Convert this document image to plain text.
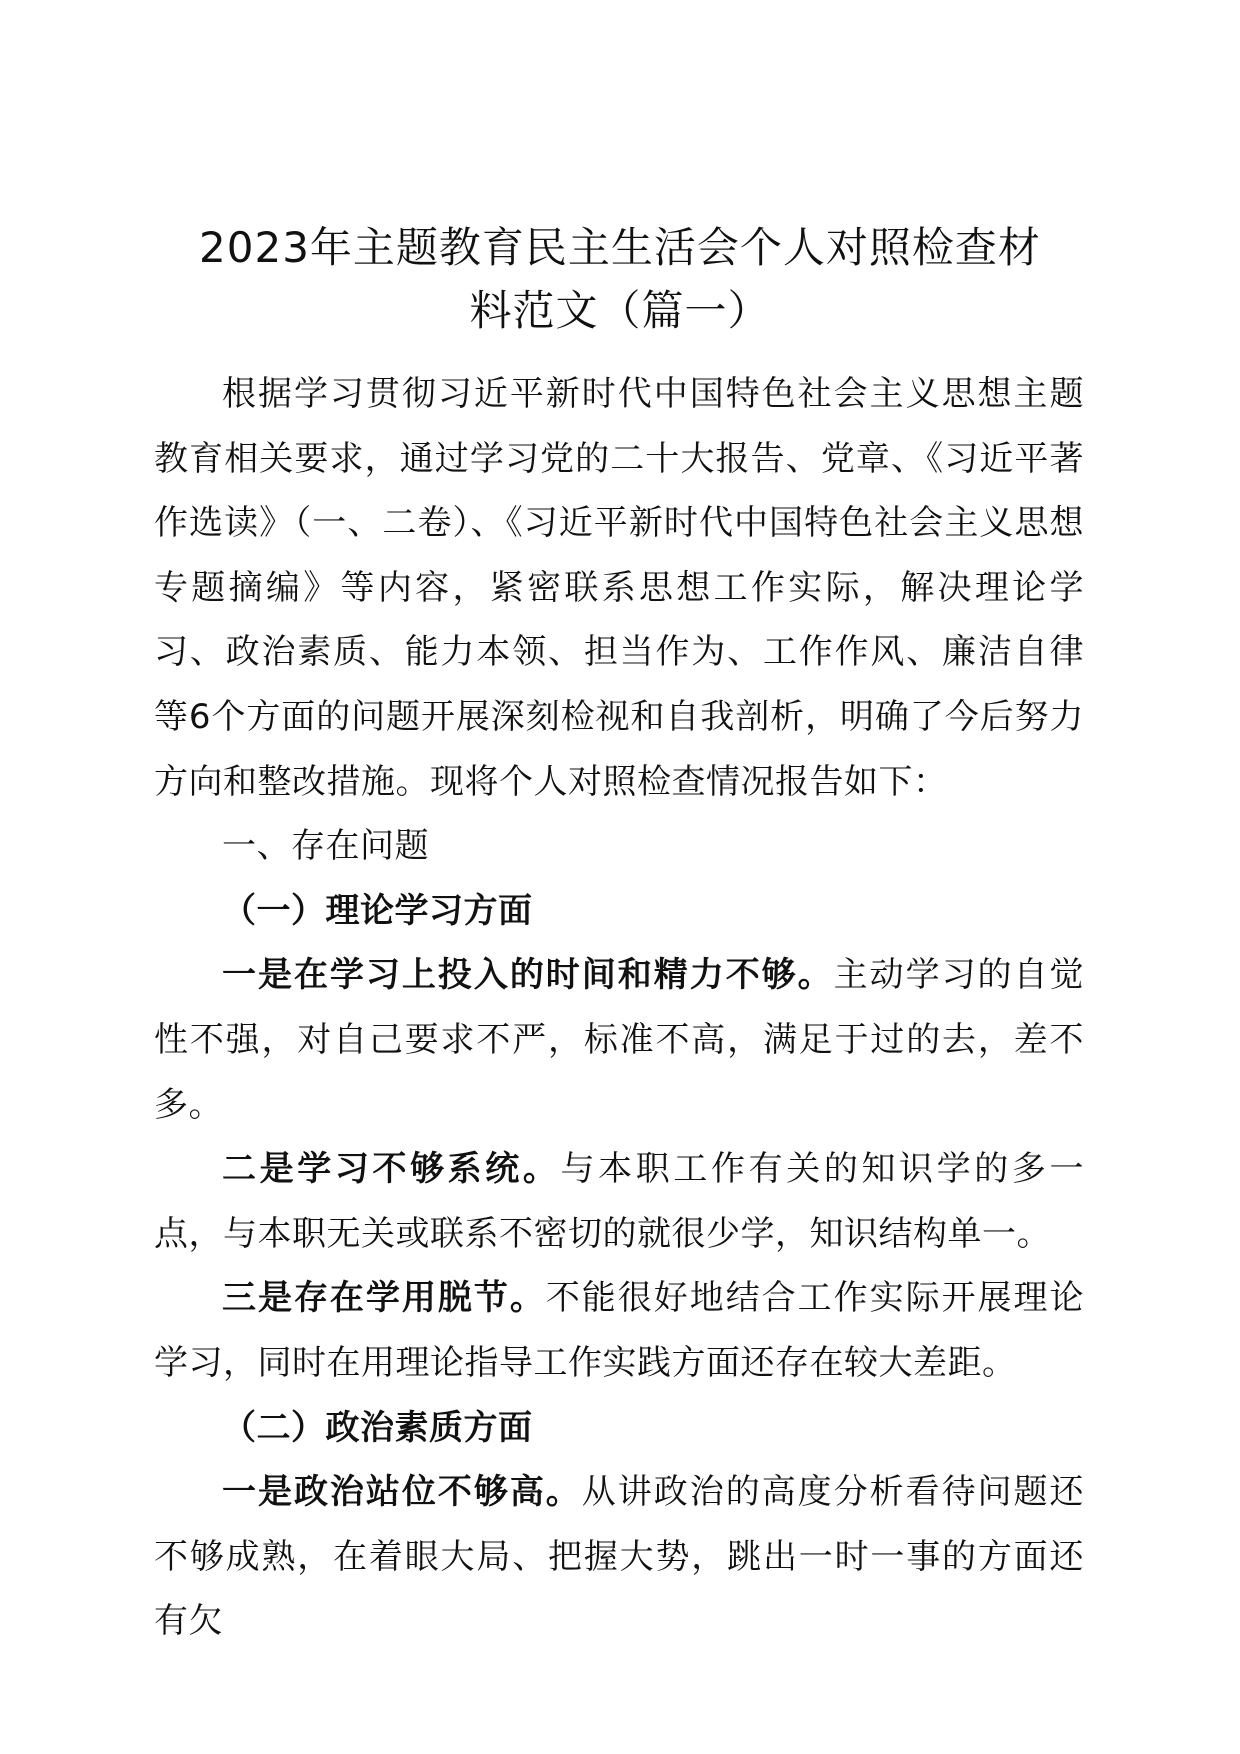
2023年主题教育民主生活会个人对照检查材
料范文（篇一）

根据学习贯彻习近平新时代中国特色社会主义思想主题教育相关要求，通过学习党的二十大报告、党章、《习近平著作选读》（一、二卷）、《习近平新时代中国特色社会主义思想专题摘编》等内容，紧密联系思想工作实际，解决理论学习、政治素质、能力本领、担当作为、工作作风、廉洁自律等6个方面的问题开展深刻检视和自我剖析，明确了今后努力方向和整改措施。现将个人对照检查情况报告如下：

一、存在问题

（一）理论学习方面

一是在学习上投入的时间和精力不够。主动学习的自觉性不强，对自己要求不严，标准不高，满足于过的去，差不多。

二是学习不够系统。与本职工作有关的知识学的多一点，与本职无关或联系不密切的就很少学，知识结构单一。

三是存在学用脱节。不能很好地结合工作实际开展理论学习，同时在用理论指导工作实践方面还存在较大差距。

（二）政治素质方面

一是政治站位不够高。从讲政治的高度分析看待问题还不够成熟，在着眼大局、把握大势，跳出一时一事的方面还有欠
